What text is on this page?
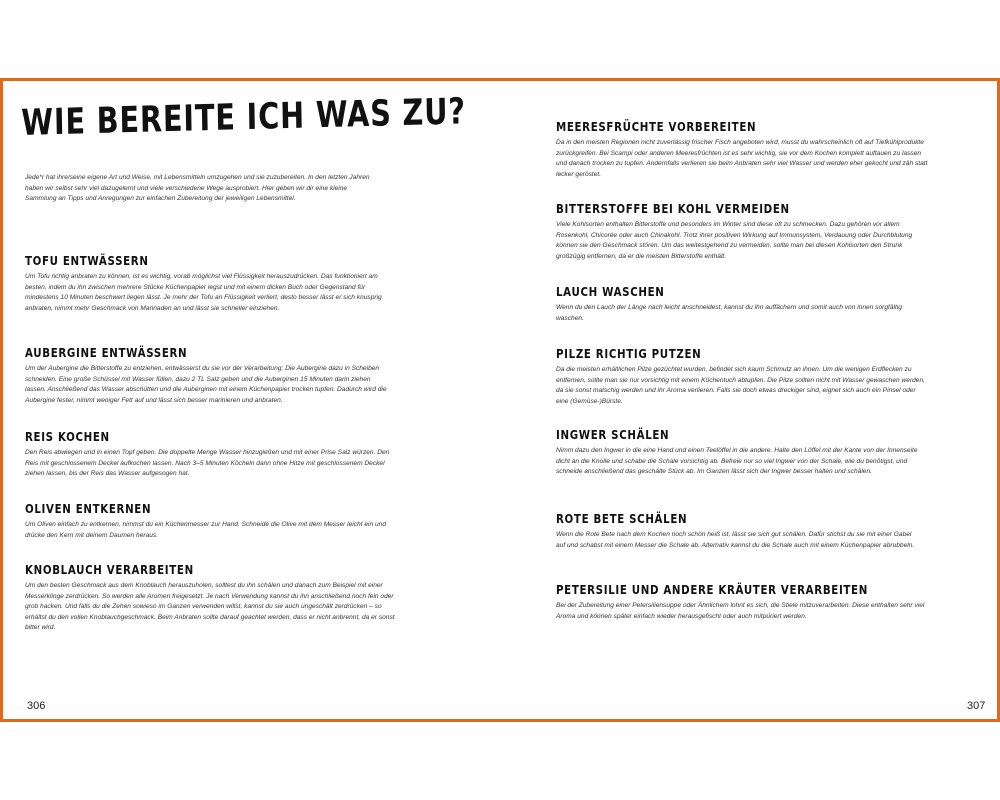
WIE BEREITE ICH WAS ZU?

Jede*r hat ihre/seine eigene Art und Weise, mit Lebensmitteln umzugehen und sie zuzubereiten. In den letzten Jahren haben wir selbst sehr viel dazugelernt und viele verschiedene Wege ausprobiert. Hier geben wir dir eine kleine Sammlung an Tipps und Anregungen zur einfachen Zubereitung der jeweiligen Lebensmittel.

TOFU ENTWÄSSERN

Um Tofu richtig anbraten zu können, ist es wichtig, vorab möglichst viel Flüssigkeit herauszudrücken. Das funktioniert am besten, indem du ihn zwischen mehrere Stücke Küchenpapier legst und mit einem dicken Buch oder Gegenstand für mindestens 10 Minuten beschwert liegen lässt. Je mehr der Tofu an Flüssigkeit verliert, desto besser lässt er sich knusprig anbraten, nimmt mehr Geschmack von Marinaden an und lässt sie schneller einziehen.

AUBERGINE ENTWÄSSERN

Um der Aubergine die Bitterstoffe zu entziehen, entwässerst du sie vor der Verarbeitung: Die Aubergine dazu in Scheiben schneiden. Eine große Schüssel mit Wasser füllen, dazu 2 TL Salz geben und die Auberginen 15 Minuten darin ziehen lassen. Anschließend das Wasser abschütten und die Auberginen mit einem Küchenpapier trocken tupfen. Dadurch wird die Aubergine fester, nimmt weniger Fett auf und lässt sich besser marinieren und anbraten.

REIS KOCHEN

Den Reis abwiegen und in einen Topf geben. Die doppelte Menge Wasser hinzugießen und mit einer Prise Salz würzen. Den Reis mit geschlossenem Deckel aufkochen lassen. Nach 3–5 Minuten Köcheln dann ohne Hitze mit geschlossenem Deckel ziehen lassen, bis der Reis das Wasser aufgesogen hat.

OLIVEN ENTKERNEN

Um Oliven einfach zu entkernen, nimmst du ein Küchenmesser zur Hand. Schneide die Olive mit dem Messer leicht ein und drücke den Kern mit deinem Daumen heraus.

KNOBLAUCH VERARBEITEN

Um den besten Geschmack aus dem Knoblauch herauszuholen, solltest du ihn schälen und danach zum Beispiel mit einer Messerklinge zerdrücken. So werden alle Aromen freigesetzt. Je nach Verwendung kannst du ihn anschließend noch fein oder grob hacken. Und falls du die Zehen sowieso im Ganzen verwenden willst, kannst du sie auch ungeschält zerdrücken – so erhältst du den vollen Knoblauchgeschmack. Beim Anbraten sollte darauf geachtet werden, dass er nicht anbrennt, da er sonst bitter wird.

306
MEERESFRÜCHTE VORBEREITEN

Da in den meisten Regionen nicht zuverlässig frischer Fisch angeboten wird, musst du wahrscheinlich oft auf Tiefkühlprodukte zurückgreifen. Bei Scampi oder anderen Meeresfrüchten ist es sehr wichtig, sie vor dem Kochen komplett auftauen zu lassen und danach trocken zu tupfen. Andernfalls verlieren sie beim Anbraten sehr viel Wasser und werden eher gekocht und zäh statt lecker geröstet.

BITTERSTOFFE BEI KOHL VERMEIDEN

Viele Kohlsorten enthalten Bitterstoffe und besonders im Winter sind diese oft zu schmecken. Dazu gehören vor allem Rosenkohl, Chicorée oder auch Chinakohl. Trotz ihrer positiven Wirkung auf Immunsystem, Verdauung oder Durchblutung können sie den Geschmack stören. Um das weitestgehend zu vermeiden, sollte man bei diesen Kohlsorten den Strunk großzügig entfernen, da er die meisten Bitterstoffe enthält.

LAUCH WASCHEN

Wenn du den Lauch der Länge nach leicht anschneidest, kannst du ihn auffächern und somit auch von innen sorgfältig waschen.

PILZE RICHTIG PUTZEN

Da die meisten erhältlichen Pilze gezüchtet wurden, befindet sich kaum Schmutz an ihnen. Um die wenigen Erdflecken zu entfernen, sollte man sie nur vorsichtig mit einem Küchentuch abtupfen. Die Pilze sollten nicht mit Wasser gewaschen werden, da sie sonst matschig werden und ihr Aroma verlieren. Falls sie doch etwas dreckiger sind, eignet sich auch ein Pinsel oder eine (Gemüse-)Bürste.

INGWER SCHÄLEN

Nimm dazu den Ingwer in die eine Hand und einen Teelöffel in die andere. Halte den Löffel mit der Kante von der Innenseite dicht an die Knolle und schabe die Schale vorsichtig ab. Befreie nur so viel Ingwer von der Schale, wie du benötigst, und schneide anschließend das geschälte Stück ab. Im Ganzen lässt sich der Ingwer besser halten und schälen.

ROTE BETE SCHÄLEN

Wenn die Rote Bete nach dem Kochen noch schön heiß ist, lässt sie sich gut schälen. Dafür stichst du sie mit einer Gabel auf und schabst mit einem Messer die Schale ab. Alternativ kannst du die Schale auch mit einem Küchenpapier abrubbeln.

PETERSILIE UND ANDERE KRÄUTER VERARBEITEN

Bei der Zubereitung einer Petersiliensuppe oder Ähnlichem lohnt es sich, die Stiele mitzuverarbeiten. Diese enthalten sehr viel Aroma und können später einfach wieder herausgefischt oder auch mitpüriert werden.

307
